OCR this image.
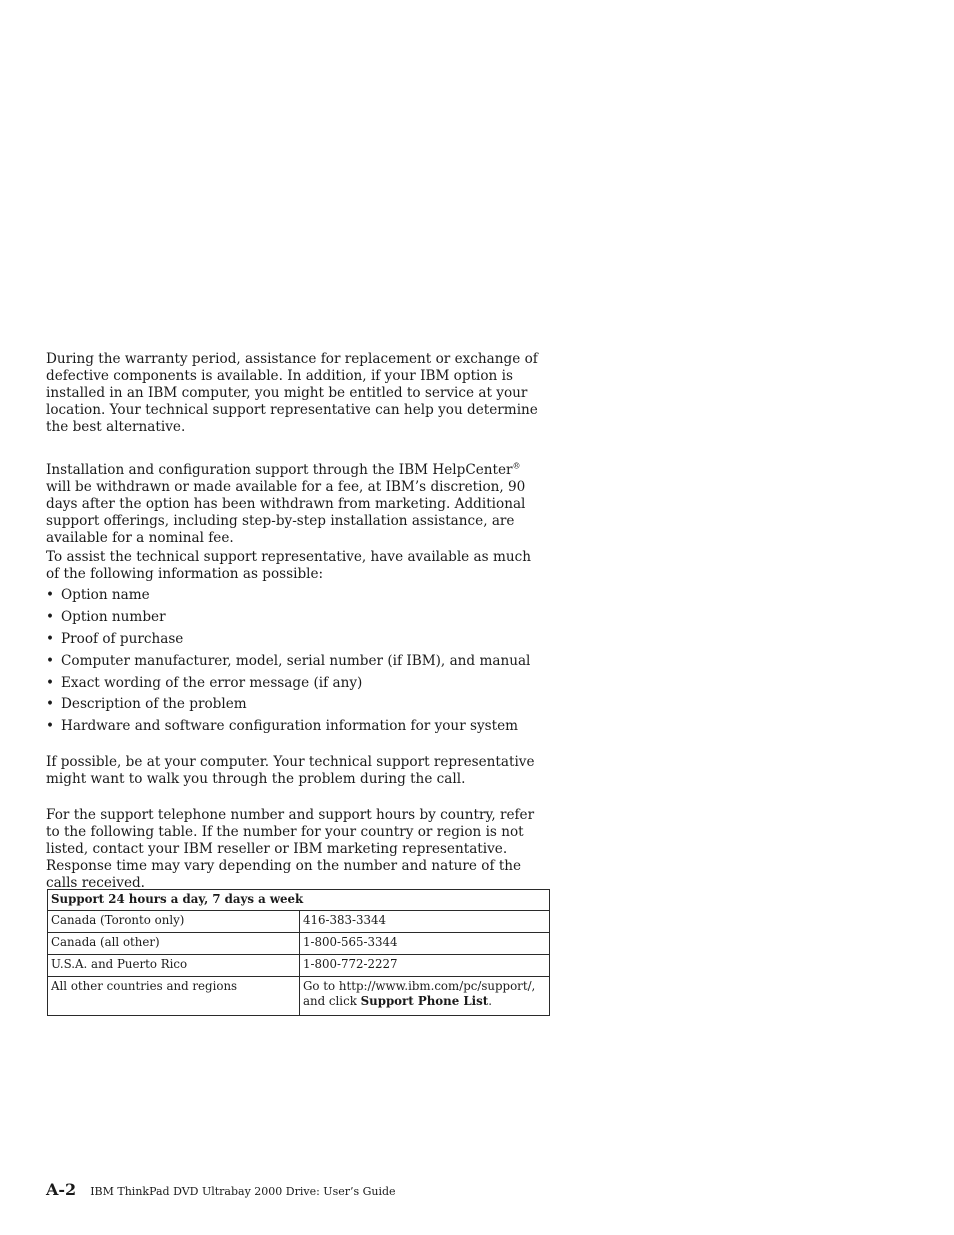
During the warranty period, assistance for replacement or exchange of defective components is available. In addition, if your IBM option is installed in an IBM computer, you might be entitled to service at your location. Your technical support representative can help you determine the best alternative.

Installation and configuration support through the IBM HelpCenter® will be withdrawn or made available for a fee, at IBM’s discretion, 90 days after the option has been withdrawn from marketing. Additional support offerings, including step-by-step installation assistance, are available for a nominal fee.

To assist the technical support representative, have available as much of the following information as possible:

• Option name
• Option number
• Proof of purchase
• Computer manufacturer, model, serial number (if IBM), and manual
• Exact wording of the error message (if any)
• Description of the problem
• Hardware and software configuration information for your system

If possible, be at your computer. Your technical support representative might want to walk you through the problem during the call.

For the support telephone number and support hours by country, refer to the following table. If the number for your country or region is not listed, contact your IBM reseller or IBM marketing representative. Response time may vary depending on the number and nature of the calls received.

Support 24 hours a day, 7 days a week	
Canada (Toronto only)	416-383-3344
Canada (all other)	1-800-565-3344
U.S.A. and Puerto Rico	1-800-772-2227
All other countries and regions	Go to http://www.ibm.com/pc/support/, and click Support Phone List.
A-2 IBM ThinkPad DVD Ultrabay 2000 Drive: User’s Guide
